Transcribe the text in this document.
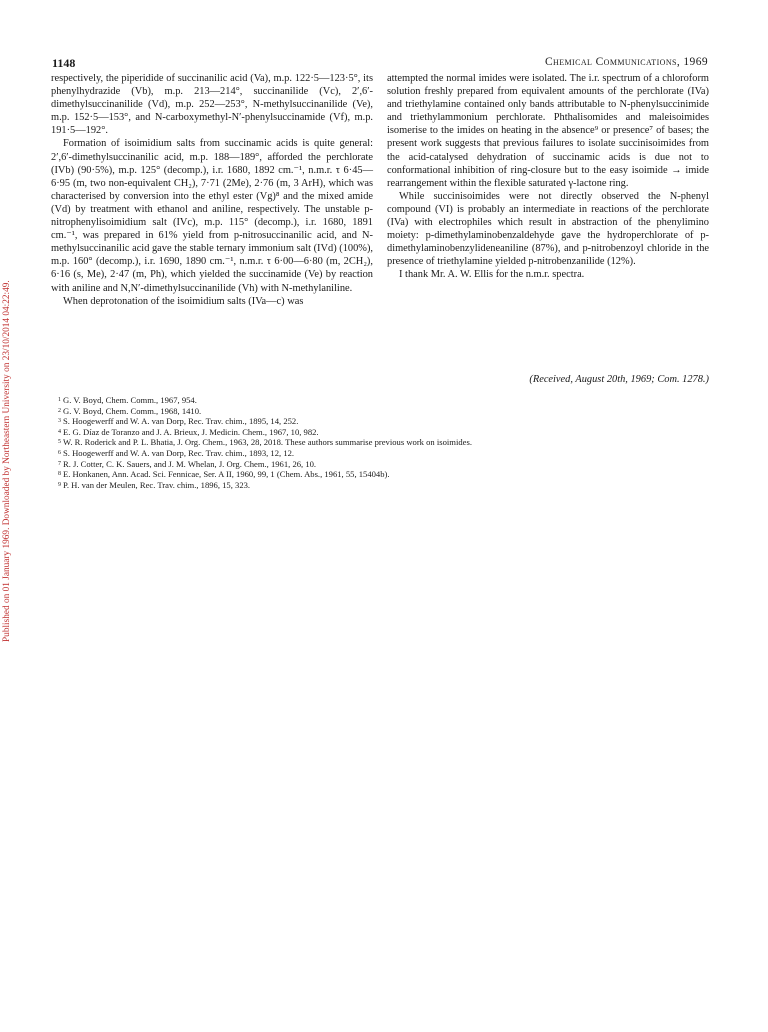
1148	Chemical Communications, 1969
Published on 01 January 1969. Downloaded by Northeastern University on 23/10/2014 04:22:49.

respectively, the piperidide of succinanilic acid (Va), m.p. 122·5—123·5°, its phenylhydrazide (Vb), m.p. 213—214°, succinanilide (Vc), 2′,6′-dimethylsuccinanilide (Vd), m.p. 252—253°, N-methylsuccinanilide (Ve), m.p. 152·5—153°, and N-carboxymethyl-N′-phenylsuccinamide (Vf), m.p. 191·5—192°.

Formation of isoimidium salts from succinamic acids is quite general: 2′,6′-dimethylsuccinanilic acid, m.p. 188—189°, afforded the perchlorate (IVb) (90·5%), m.p. 125° (decomp.), i.r. 1680, 1892 cm.⁻¹, n.m.r. τ 6·45—6·95 (m, two non-equivalent CH₂), 7·71 (2Me), 2·76 (m, 3 ArH), which was characterised by conversion into the ethyl ester (Vg)⁸ and the mixed amide (Vd) by treatment with ethanol and aniline, respectively. The unstable p-nitrophenylisoimidium salt (IVc), m.p. 115° (decomp.), i.r. 1680, 1891 cm.⁻¹, was prepared in 61% yield from p-nitrosuccinanilic acid, and N-methylsuccinanilic acid gave the stable ternary immonium salt (IVd) (100%), m.p. 160° (decomp.), i.r. 1690, 1890 cm.⁻¹, n.m.r. τ 6·00—6·80 (m, 2CH₂), 6·16 (s, Me), 2·47 (m, Ph), which yielded the succinamide (Ve) by reaction with aniline and N,N′-dimethylsuccinanilide (Vh) with N-methylaniline.

When deprotonation of the isoimidium salts (IVa—c) was

attempted the normal imides were isolated. The i.r. spectrum of a chloroform solution freshly prepared from equivalent amounts of the perchlorate (IVa) and triethylamine contained only bands attributable to N-phenylsuccinimide and triethylammonium perchlorate. Phthalisomides and maleisoimides isomerise to the imides on heating in the absence⁹ or presence⁷ of bases; the present work suggests that previous failures to isolate succinisoimides from the acid-catalysed dehydration of succinamic acids is due not to conformational inhibition of ring-closure but to the easy isoimide → imide rearrangement within the flexible saturated γ-lactone ring.

While succinisoimides were not directly observed the N-phenyl compound (VI) is probably an intermediate in reactions of the perchlorate (IVa) with electrophiles which result in abstraction of the phenylimino moiety: p-dimethylaminobenzaldehyde gave the hydroperchlorate of p-dimethylaminobenzylideneaniline (87%), and p-nitrobenzoyl chloride in the presence of triethylamine yielded p-nitrobenzanilide (12%).

I thank Mr. A. W. Ellis for the n.m.r. spectra.

(Received, August 20th, 1969; Com. 1278.)
$^1$ G. V. Boyd, Chem. Comm., 1967, 954.
$^2$ G. V. Boyd, Chem. Comm., 1968, 1410.
$^3$ S. Hoogewerff and W. A. van Dorp, Rec. Trav. chim., 1895, 14, 252.
$^4$ E. G. Díaz de Toranzo and J. A. Brieux, J. Medicin. Chem., 1967, 10, 982.
$^5$ W. R. Roderick and P. L. Bhatia, J. Org. Chem., 1963, 28, 2018. These authors summarise previous work on isoimides.
$^6$ S. Hoogewerff and W. A. van Dorp, Rec. Trav. chim., 1893, 12, 12.
$^7$ R. J. Cotter, C. K. Sauers, and J. M. Whelan, J. Org. Chem., 1961, 26, 10.
$^8$ E. Honkanen, Ann. Acad. Sci. Fennicae, Ser. A II, 1960, 99, 1 (Chem. Abs., 1961, 55, 15404b).
$^9$ P. H. van der Meulen, Rec. Trav. chim., 1896, 15, 323.
